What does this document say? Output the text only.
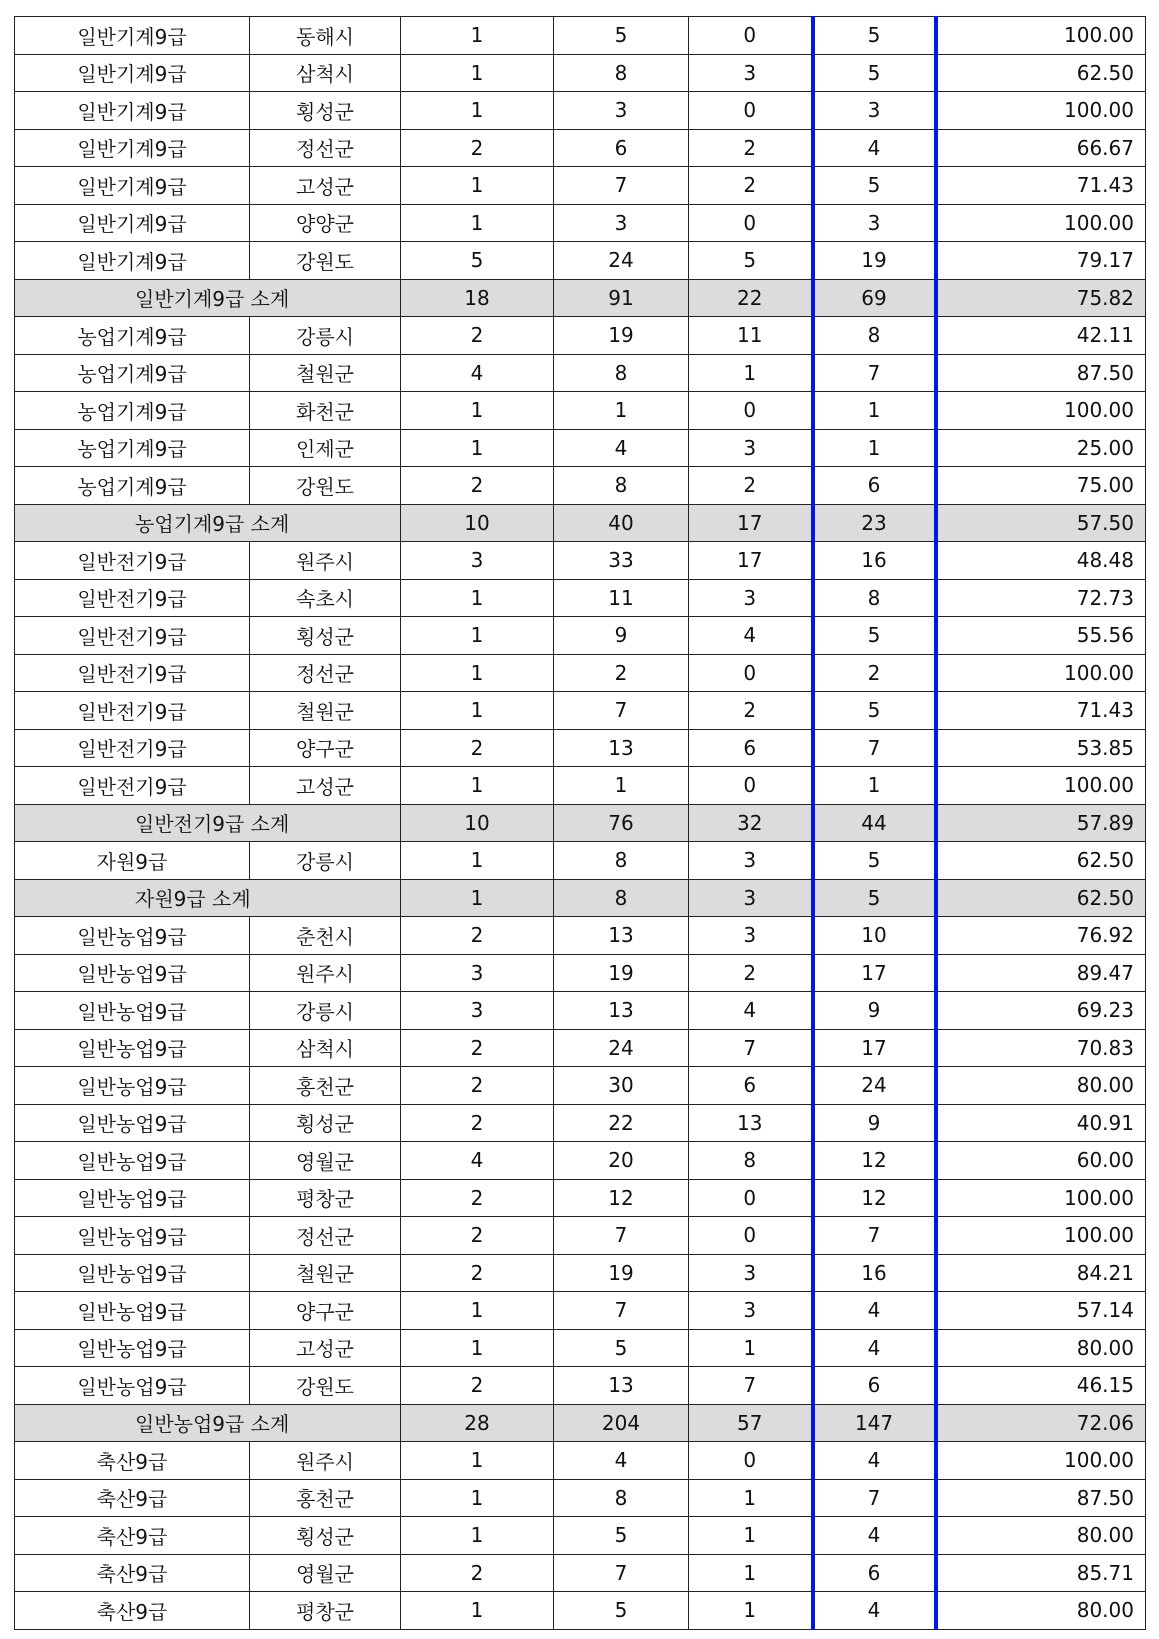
일반기계9급	동해시	1	5	0	5	100.00
일반기계9급	삼척시	1	8	3	5	62.50
일반기계9급	횡성군	1	3	0	3	100.00
일반기계9급	정선군	2	6	2	4	66.67
일반기계9급	고성군	1	7	2	5	71.43
일반기계9급	양양군	1	3	0	3	100.00
일반기계9급	강원도	5	24	5	19	79.17
일반기계9급 소계		18	91	22	69	75.82
농업기계9급	강릉시	2	19	11	8	42.11
농업기계9급	철원군	4	8	1	7	87.50
농업기계9급	화천군	1	1	0	1	100.00
농업기계9급	인제군	1	4	3	1	25.00
농업기계9급	강원도	2	8	2	6	75.00
농업기계9급 소계		10	40	17	23	57.50
일반전기9급	원주시	3	33	17	16	48.48
일반전기9급	속초시	1	11	3	8	72.73
일반전기9급	횡성군	1	9	4	5	55.56
일반전기9급	정선군	1	2	0	2	100.00
일반전기9급	철원군	1	7	2	5	71.43
일반전기9급	양구군	2	13	6	7	53.85
일반전기9급	고성군	1	1	0	1	100.00
일반전기9급 소계		10	76	32	44	57.89
자원9급	강릉시	1	8	3	5	62.50
자원9급 소계		1	8	3	5	62.50
일반농업9급	춘천시	2	13	3	10	76.92
일반농업9급	원주시	3	19	2	17	89.47
일반농업9급	강릉시	3	13	4	9	69.23
일반농업9급	삼척시	2	24	7	17	70.83
일반농업9급	홍천군	2	30	6	24	80.00
일반농업9급	횡성군	2	22	13	9	40.91
일반농업9급	영월군	4	20	8	12	60.00
일반농업9급	평창군	2	12	0	12	100.00
일반농업9급	정선군	2	7	0	7	100.00
일반농업9급	철원군	2	19	3	16	84.21
일반농업9급	양구군	1	7	3	4	57.14
일반농업9급	고성군	1	5	1	4	80.00
일반농업9급	강원도	2	13	7	6	46.15
일반농업9급 소계		28	204	57	147	72.06
축산9급	원주시	1	4	0	4	100.00
축산9급	홍천군	1	8	1	7	87.50
축산9급	횡성군	1	5	1	4	80.00
축산9급	영월군	2	7	1	6	85.71
축산9급	평창군	1	5	1	4	80.00
